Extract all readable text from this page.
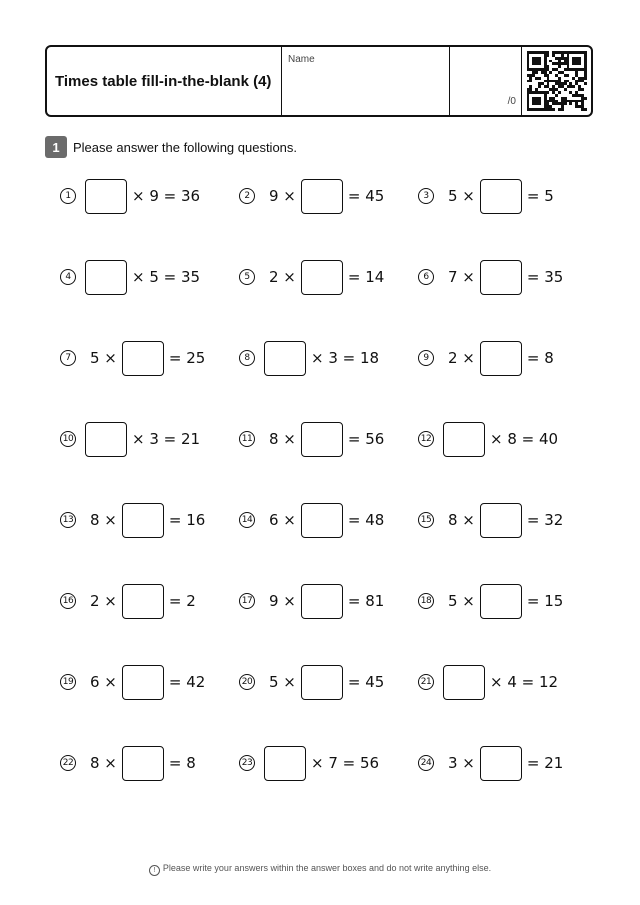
Times table fill-in-the-blank (4)
Name
/0
1	Please answer the following questions.
1	× 9 = 36	2	9 ×	= 45	3	5 ×	= 5
4	× 5 = 35	5	2 ×	= 14	6	7 ×	= 35
7	5 ×	= 25	8	× 3 = 18	9	2 ×	= 8
10	× 3 = 21	11 8 ×	= 56	12	× 8 = 40
13 8 ×	= 16	14 6 ×	= 48	15 8 ×	= 32
16 2 ×	= 2	17 9 ×	= 81	18 5 ×	= 15
19 6 ×	= 42	20 5 ×	= 45	21	× 4 = 12
22 8 ×	= 8	23	× 7 = 56	24 3 ×	= 21
! Please write your answers within the answer boxes and do not write anything else.
